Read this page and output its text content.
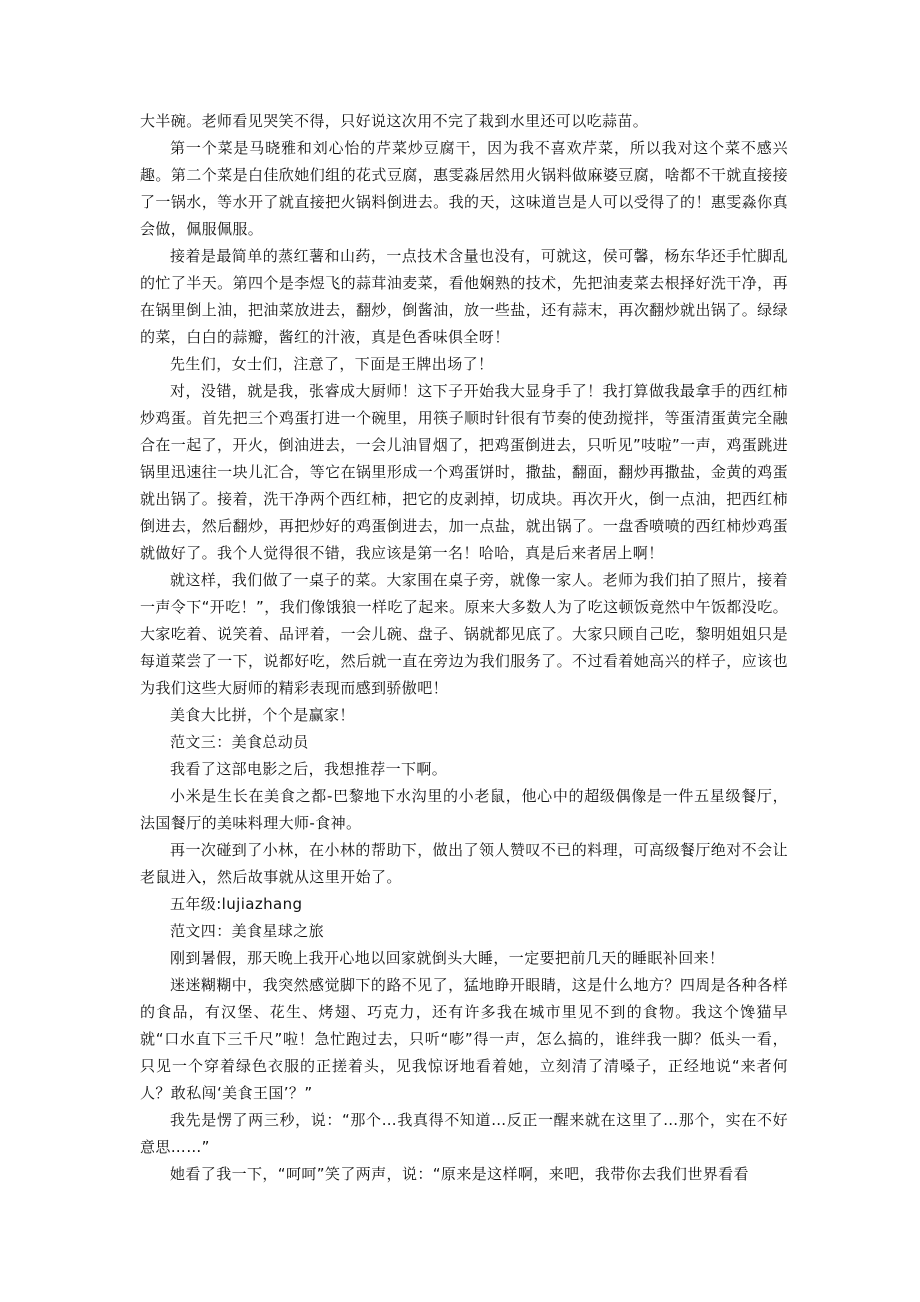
大半碗。老师看见哭笑不得，只好说这次用不完了栽到水里还可以吃蒜苗。

第一个菜是马晓雅和刘心怡的芹菜炒豆腐干，因为我不喜欢芹菜，所以我对这个菜不感兴趣。第二个菜是白佳欣她们组的花式豆腐，惠雯淼居然用火锅料做麻婆豆腐，啥都不干就直接接了一锅水，等水开了就直接把火锅料倒进去。我的天，这味道岂是人可以受得了的！惠雯淼你真会做，佩服佩服。

接着是最简单的蒸红薯和山药，一点技术含量也没有，可就这，侯可馨，杨东华还手忙脚乱的忙了半天。第四个是李煜飞的蒜茸油麦菜，看他娴熟的技术，先把油麦菜去根择好洗干净，再在锅里倒上油，把油菜放进去，翻炒，倒酱油，放一些盐，还有蒜末，再次翻炒就出锅了。绿绿的菜，白白的蒜瓣，酱红的汁液，真是色香味俱全呀！

先生们，女士们，注意了，下面是王牌出场了！

对，没错，就是我，张睿成大厨师！这下子开始我大显身手了！我打算做我最拿手的西红柿炒鸡蛋。首先把三个鸡蛋打进一个碗里，用筷子顺时针很有节奏的使劲搅拌，等蛋清蛋黄完全融合在一起了，开火，倒油进去，一会儿油冒烟了，把鸡蛋倒进去，只听见”吱啦”一声，鸡蛋跳进锅里迅速往一块儿汇合，等它在锅里形成一个鸡蛋饼时，撒盐，翻面，翻炒再撒盐，金黄的鸡蛋就出锅了。接着，洗干净两个西红柿，把它的皮剥掉，切成块。再次开火，倒一点油，把西红柿倒进去，然后翻炒，再把炒好的鸡蛋倒进去，加一点盐，就出锅了。一盘香喷喷的西红柿炒鸡蛋就做好了。我个人觉得很不错，我应该是第一名！哈哈，真是后来者居上啊！

就这样，我们做了一桌子的菜。大家围在桌子旁，就像一家人。老师为我们拍了照片，接着一声令下“开吃！”，我们像饿狼一样吃了起来。原来大多数人为了吃这顿饭竟然中午饭都没吃。大家吃着、说笑着、品评着，一会儿碗、盘子、锅就都见底了。大家只顾自己吃，黎明姐姐只是每道菜尝了一下，说都好吃，然后就一直在旁边为我们服务了。不过看着她高兴的样子，应该也为我们这些大厨师的精彩表现而感到骄傲吧！

美食大比拼，个个是赢家！

范文三：美食总动员

我看了这部电影之后，我想推荐一下啊。

小米是生长在美食之都-巴黎地下水沟里的小老鼠，他心中的超级偶像是一件五星级餐厅，法国餐厅的美味料理大师-食神。

再一次碰到了小林，在小林的帮助下，做出了领人赞叹不已的料理，可高级餐厅绝对不会让老鼠进入，然后故事就从这里开始了。

五年级:lujiazhang

范文四：美食星球之旅

刚到暑假，那天晚上我开心地以回家就倒头大睡，一定要把前几天的睡眠补回来！

迷迷糊糊中，我突然感觉脚下的路不见了，猛地睁开眼睛，这是什么地方？四周是各种各样的食品，有汉堡、花生、烤翅、巧克力，还有许多我在城市里见不到的食物。我这个馋猫早就“口水直下三千尺”啦！急忙跑过去，只听“嘭”得一声，怎么搞的，谁绊我一脚？低头一看，只见一个穿着绿色衣服的正搓着头，见我惊讶地看着她，立刻清了清嗓子，正经地说“来者何人？敢私闯‘美食王国’？”

我先是愣了两三秒，说：“那个…我真得不知道…反正一醒来就在这里了…那个，实在不好意思……”

她看了我一下，“呵呵”笑了两声，说：“原来是这样啊，来吧，我带你去我们世界看看
